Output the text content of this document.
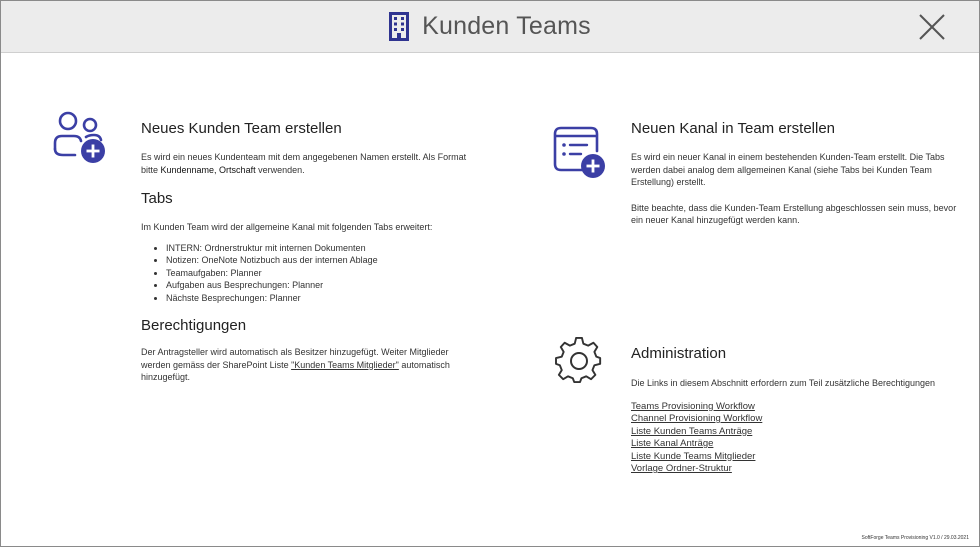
Kunden Teams
Neues Kunden Team erstellen

Es wird ein neues Kundenteam mit dem angegebenen Namen erstellt. Als Format bitte Kundenname, Ortschaft verwenden.

Tabs

Im Kunden Team wird der allgemeine Kanal mit folgenden Tabs erweitert:

• INTERN: Ordnerstruktur mit internen Dokumenten
• Notizen: OneNote Notizbuch aus der internen Ablage
• Teamaufgaben: Planner
• Aufgaben aus Besprechungen: Planner
• Nächste Besprechungen: Planner
Berechtigungen

Der Antragsteller wird automatisch als Besitzer hinzugefügt. Weiter Mitglieder werden gemäss der SharePoint Liste "Kunden Teams Mitglieder" automatisch hinzugefügt.

Neuen Kanal in Team erstellen

Es wird ein neuer Kanal in einem bestehenden Kunden-Team erstellt. Die Tabs werden dabei analog dem allgemeinen Kanal (siehe Tabs bei Kunden Team Erstellung) erstellt.

Bitte beachte, dass die Kunden-Team Erstellung abgeschlossen sein muss, bevor ein neuer Kanal hinzugefügt werden kann.

Administration

Die Links in diesem Abschnitt erfordern zum Teil zusätzliche Berechtigungen

Teams Provisioning Workflow
Channel Provisioning Workflow
Liste Kunden Teams Anträge
Liste Kanal Anträge
Liste Kunde Teams Mitglieder
Vorlage Ordner-Struktur
SoftForge Teams Provisioning V1.0 / 29.03.2021
